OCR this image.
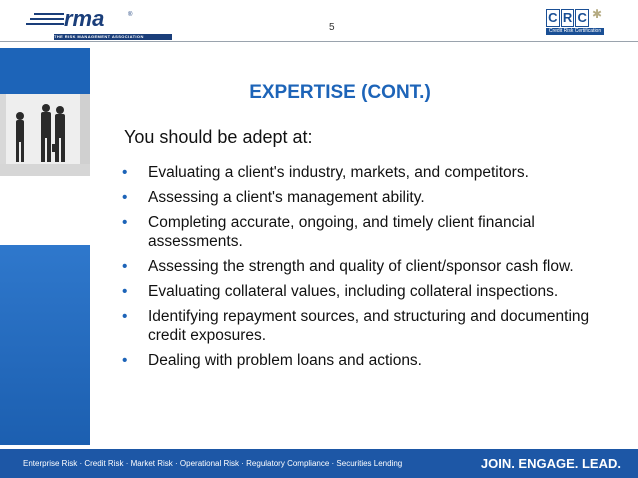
rma	®
THE RISK MANAGEMENT ASSOCIATION
5
C R C ✱
Credit Risk Certification
EXPERTISE (CONT.)
You should be adept at:
• Evaluating a client's industry, markets, and competitors.
• Assessing a client's management ability.
• Completing accurate, ongoing, and timely client financial assessments.
• Assessing the strength and quality of client/sponsor cash flow.
• Evaluating collateral values, including collateral inspections.
• Identifying repayment sources, and structuring and documenting credit exposures.
• Dealing with problem loans and actions.
Enterprise Risk · Credit Risk · Market Risk · Operational Risk · Regulatory Compliance · Securities Lending	JOIN. ENGAGE. LEAD.
